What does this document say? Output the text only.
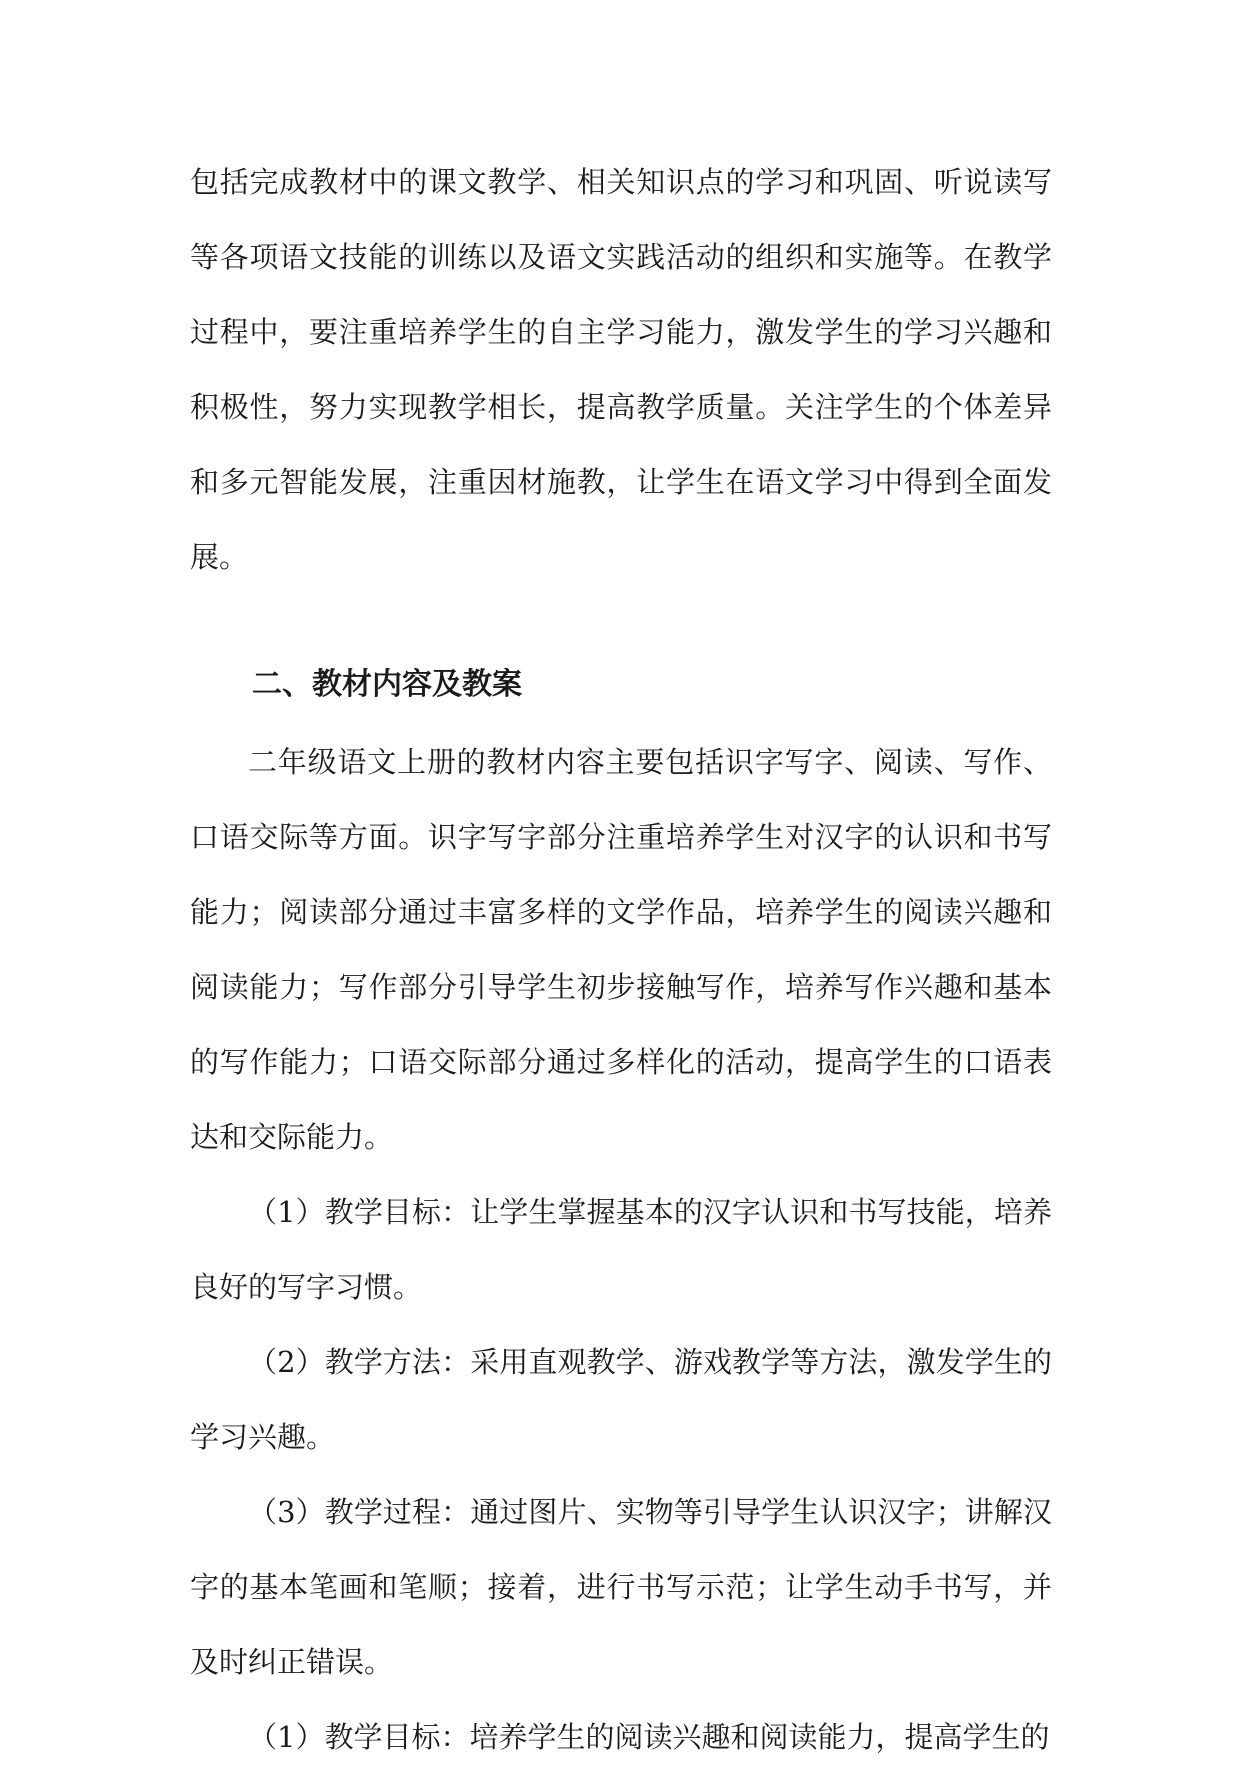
包括完成教材中的课文教学、相关知识点的学习和巩固、听说读写等各项语文技能的训练以及语文实践活动的组织和实施等。在教学过程中，要注重培养学生的自主学习能力，激发学生的学习兴趣和积极性，努力实现教学相长，提高教学质量。关注学生的个体差异和多元智能发展，注重因材施教，让学生在语文学习中得到全面发展。

二、教材内容及教案

二年级语文上册的教材内容主要包括识字写字、阅读、写作、口语交际等方面。识字写字部分注重培养学生对汉字的认识和书写能力；阅读部分通过丰富多样的文学作品，培养学生的阅读兴趣和阅读能力；写作部分引导学生初步接触写作，培养写作兴趣和基本的写作能力；口语交际部分通过多样化的活动，提高学生的口语表达和交际能力。

（1）教学目标：让学生掌握基本的汉字认识和书写技能，培养良好的写字习惯。

（2）教学方法：采用直观教学、游戏教学等方法，激发学生的学习兴趣。

（3）教学过程：通过图片、实物等引导学生认识汉字；讲解汉字的基本笔画和笔顺；接着，进行书写示范；让学生动手书写，并及时纠正错误。

（1）教学目标：培养学生的阅读兴趣和阅读能力，提高学生的
